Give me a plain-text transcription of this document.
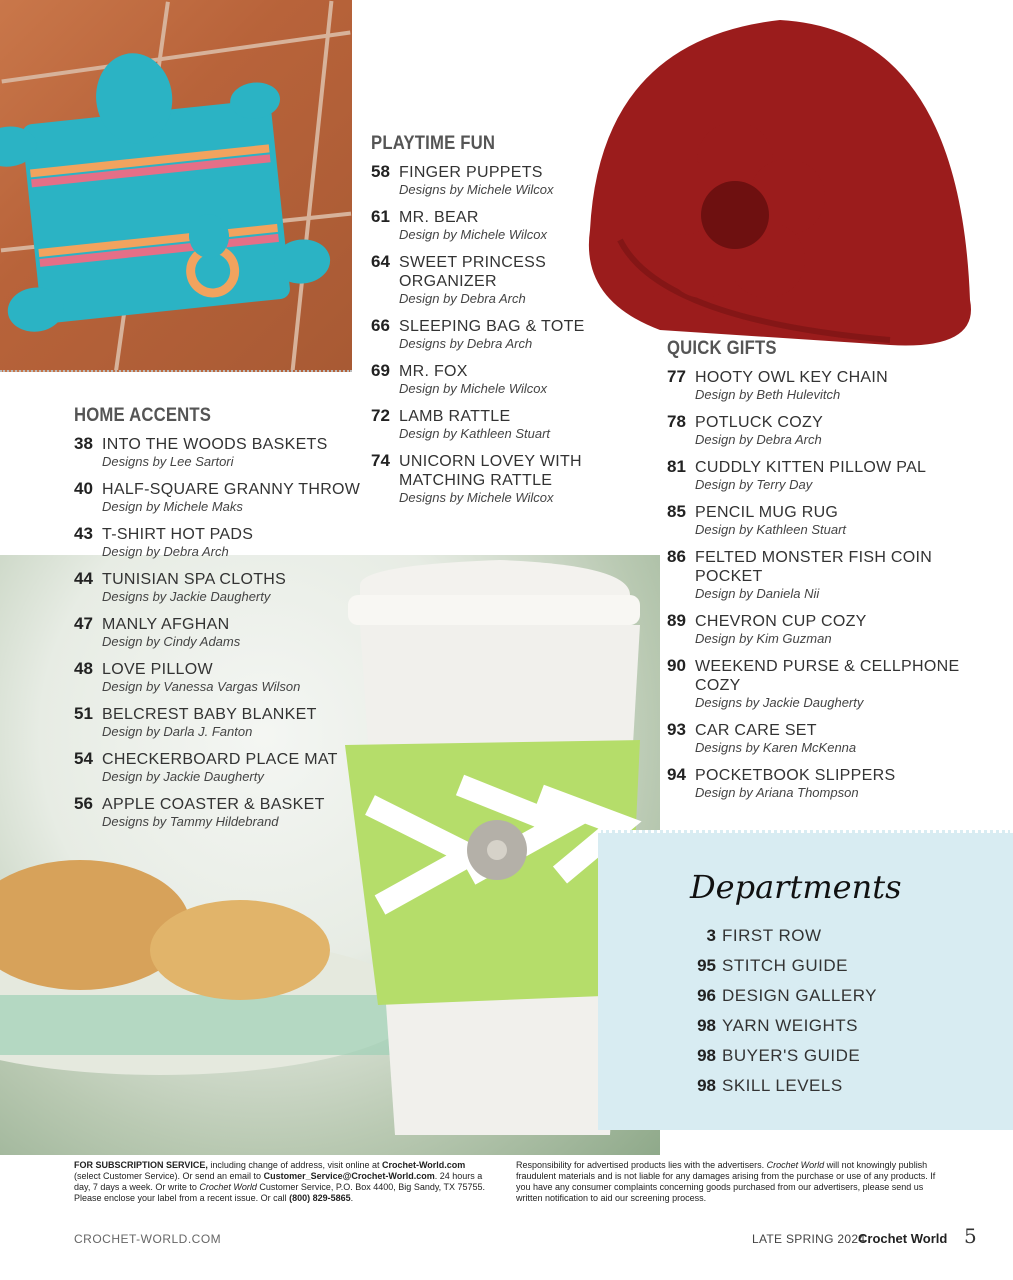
PLAYTIME FUN
58 FINGER PUPPETS
Designs by Michele Wilcox
61 MR. BEAR
Design by Michele Wilcox
64 SWEET PRINCESS ORGANIZER
Design by Debra Arch
66 SLEEPING BAG & TOTE
Designs by Debra Arch
69 MR. FOX
Design by Michele Wilcox
72 LAMB RATTLE
Design by Kathleen Stuart
74 UNICORN LOVEY WITH MATCHING RATTLE
Designs by Michele Wilcox
HOME ACCENTS
38 INTO THE WOODS BASKETS
Designs by Lee Sartori
40 HALF-SQUARE GRANNY THROW
Design by Michele Maks
43 T-SHIRT HOT PADS
Design by Debra Arch
44 TUNISIAN SPA CLOTHS
Designs by Jackie Daugherty
47 MANLY AFGHAN
Design by Cindy Adams
48 LOVE PILLOW
Design by Vanessa Vargas Wilson
51 BELCREST BABY BLANKET
Design by Darla J. Fanton
54 CHECKERBOARD PLACE MAT
Design by Jackie Daugherty
56 APPLE COASTER & BASKET
Designs by Tammy Hildebrand
QUICK GIFTS
77 HOOTY OWL KEY CHAIN
Design by Beth Hulevitch
78 POTLUCK COZY
Design by Debra Arch
81 CUDDLY KITTEN PILLOW PAL
Design by Terry Day
85 PENCIL MUG RUG
Design by Kathleen Stuart
86 FELTED MONSTER FISH COIN POCKET
Design by Daniela Nii
89 CHEVRON CUP COZY
Design by Kim Guzman
90 WEEKEND PURSE & CELLPHONE COZY
Designs by Jackie Daugherty
93 CAR CARE SET
Designs by Karen McKenna
94 POCKETBOOK SLIPPERS
Design by Ariana Thompson
Departments
3 FIRST ROW
95 STITCH GUIDE
96 DESIGN GALLERY
98 YARN WEIGHTS
98 BUYER'S GUIDE
98 SKILL LEVELS
FOR SUBSCRIPTION SERVICE, including change of address, visit online at Crochet-World.com (select Customer Service). Or send an email to Customer_Service@Crochet-World.com. 24 hours a day, 7 days a week. Or write to Crochet World Customer Service, P.O. Box 4400, Big Sandy, TX 75755. Please enclose your label from a recent issue. Or call (800) 829-5865.
Responsibility for advertised products lies with the advertisers. Crochet World will not knowingly publish fraudulent materials and is not liable for any damages arising from the purchase or use of any products. If you have any consumer complaints concerning goods purchased from our advertisers, please send us written notification to aid our screening process.
CROCHET-WORLD.COM	LATE SPRING 2024
Crochet World 5
